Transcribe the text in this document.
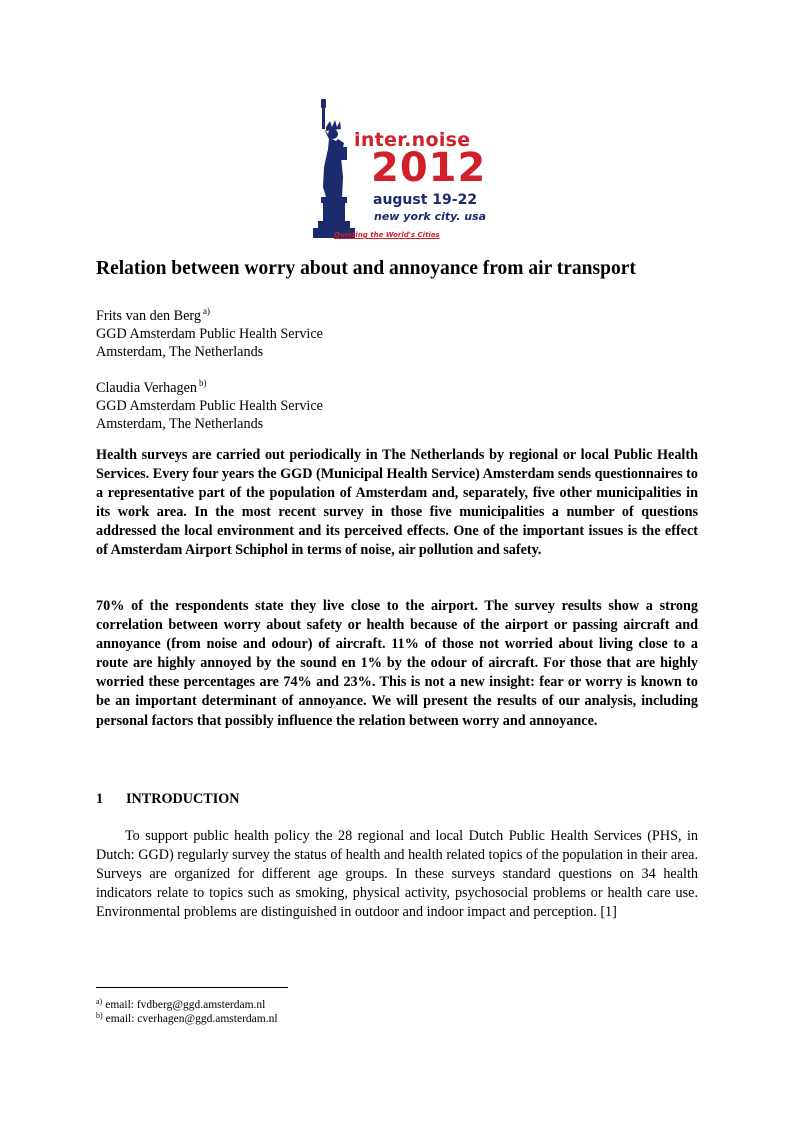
inter.noise
2012
august 19-22
new york city. usa
Quieting the World's Cities
Relation between worry about and annoyance from air transport
Frits van den Berg $^{a)}$
GGD Amsterdam Public Health Service
Amsterdam, The Netherlands
Claudia Verhagen $^{b)}$
GGD Amsterdam Public Health Service
Amsterdam, The Netherlands

Health surveys are carried out periodically in The Netherlands by regional or local Public Health Services. Every four years the GGD (Municipal Health Service) Amsterdam sends questionnaires to a representative part of the population of Amsterdam and, separately, five other municipalities in its work area. In the most recent survey in those five municipalities a number of questions addressed the local environment and its perceived effects. One of the important issues is the effect of Amsterdam Airport Schiphol in terms of noise, air pollution and safety.

70% of the respondents state they live close to the airport. The survey results show a strong correlation between worry about safety or health because of the airport or passing aircraft and annoyance (from noise and odour) of aircraft. 11% of those not worried about living close to a route are highly annoyed by the sound en 1% by the odour of aircraft. For those that are highly worried these percentages are 74% and 23%. This is not a new insight: fear or worry is known to be an important determinant of annoyance. We will present the results of our analysis, including personal factors that possibly influence the relation between worry and annoyance.

1 INTRODUCTION

To support public health policy the 28 regional and local Dutch Public Health Services (PHS, in Dutch: GGD) regularly survey the status of health and health related topics of the population in their area. Surveys are organized for different age groups. In these surveys standard questions on 34 health indicators relate to topics such as smoking, physical activity, psychosocial problems or health care use. Environmental problems are distinguished in outdoor and indoor impact and perception. [1]

$^{a)}$ email: fvdberg@ggd.amsterdam.nl
$^{b)}$ email: cverhagen@ggd.amsterdam.nl
